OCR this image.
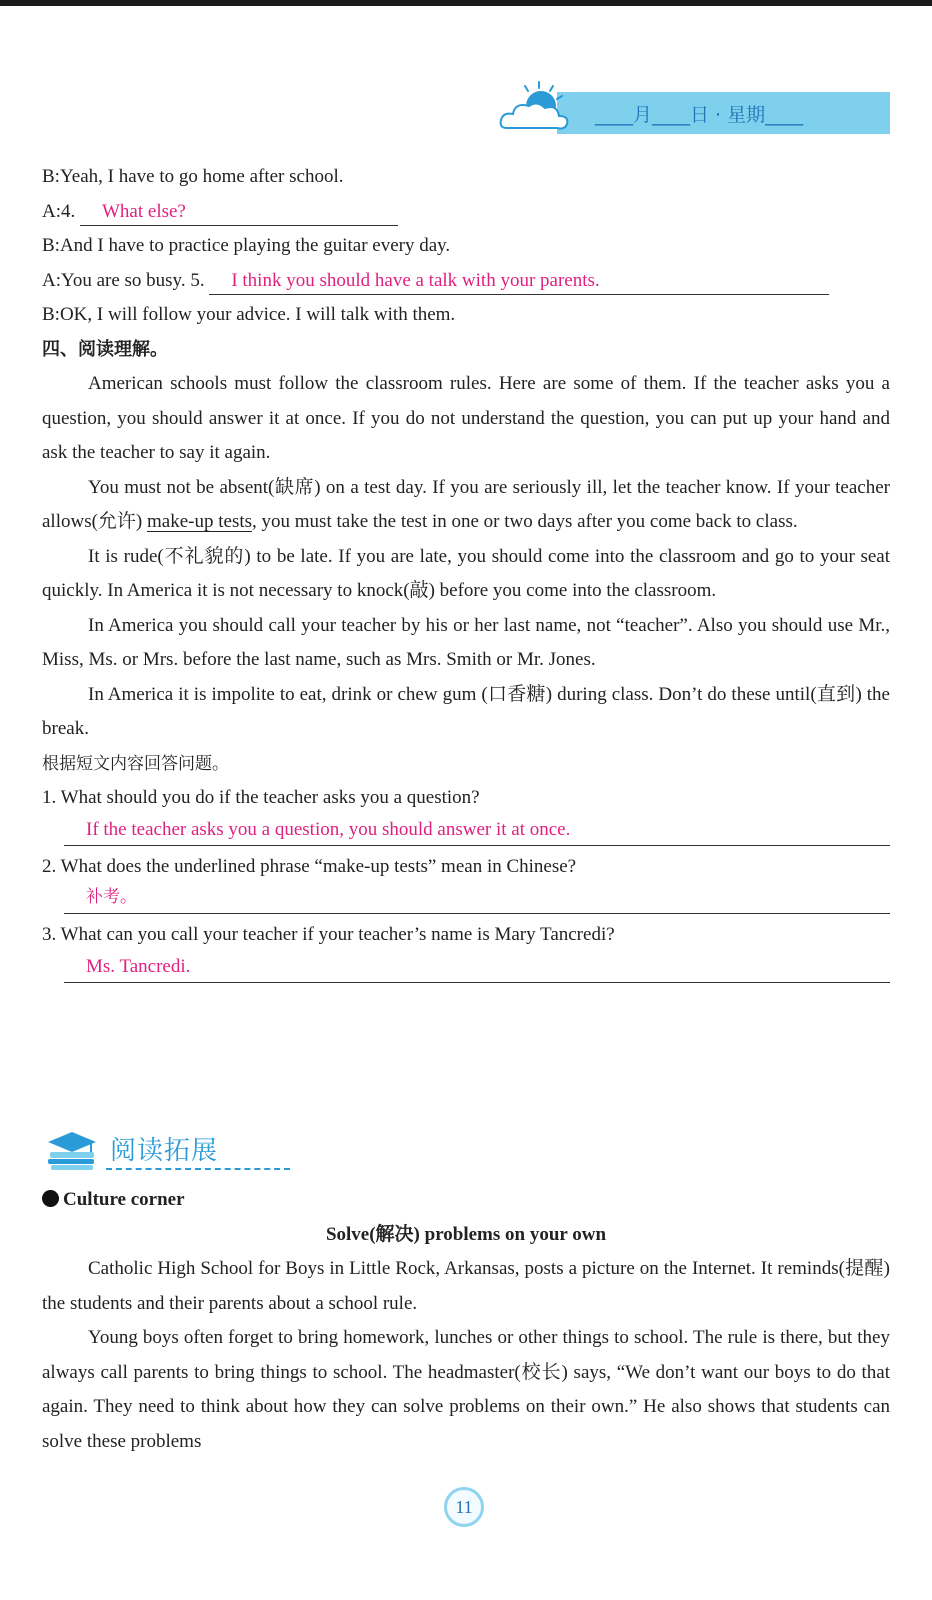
____月____日 · 星期____
B:Yeah, I have to go home after school.
A:4. What else?
B:And I have to practice playing the guitar every day.
A:You are so busy. 5. I think you should have a talk with your parents.
B:OK, I will follow your advice. I will talk with them.
四、阅读理解。

American schools must follow the classroom rules. Here are some of them. If the teacher asks you a question, you should answer it at once. If you do not understand the question, you can put up your hand and ask the teacher to say it again.

You must not be absent(缺席) on a test day. If you are seriously ill, let the teacher know. If your teacher allows(允许) make-up tests, you must take the test in one or two days after you come back to class.

It is rude(不礼貌的) to be late. If you are late, you should come into the classroom and go to your seat quickly. In America it is not necessary to knock(敲) before you come into the classroom.

In America you should call your teacher by his or her last name, not “teacher”. Also you should use Mr., Miss, Ms. or Mrs. before the last name, such as Mrs. Smith or Mr. Jones.

In America it is impolite to eat, drink or chew gum (口香糖) during class. Don’t do these until(直到) the break.

根据短文内容回答问题。
1. What should you do if the teacher asks you a question?
If the teacher asks you a question, you should answer it at once.
2. What does the underlined phrase “make-up tests” mean in Chinese?
补考。
3. What can you call your teacher if your teacher’s name is Mary Tancredi?
Ms. Tancredi.
阅读拓展
Culture corner
Solve(解决) problems on your own

Catholic High School for Boys in Little Rock, Arkansas, posts a picture on the Internet. It reminds(提醒) the students and their parents about a school rule.

Young boys often forget to bring homework, lunches or other things to school. The rule is there, but they always call parents to bring things to school. The headmaster(校长) says, “We don’t want our boys to do that again. They need to think about how they can solve problems on their own.” He also shows that students can solve these problems

11
